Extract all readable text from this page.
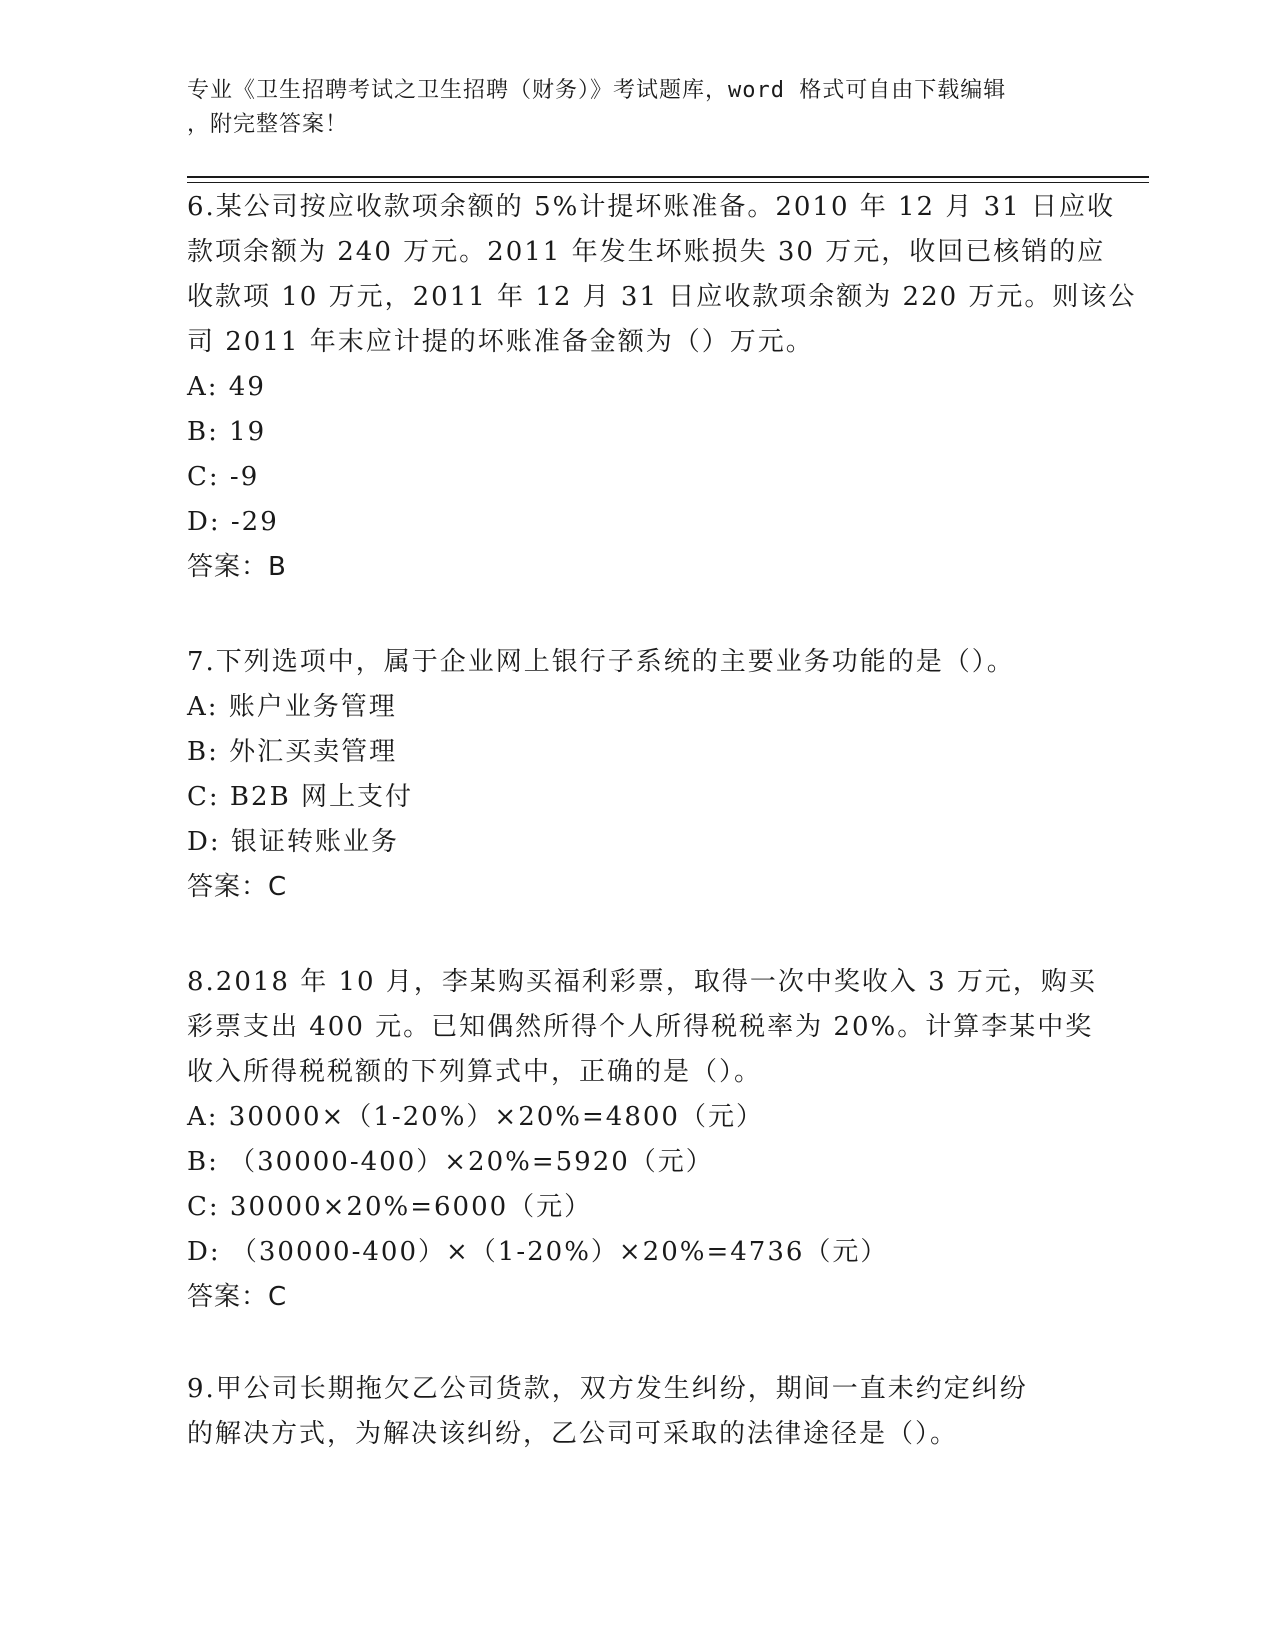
专业《卫生招聘考试之卫生招聘（财务）》考试题库，word 格式可自由下载编辑
，附完整答案！
6.某公司按应收款项余额的 5%计提坏账准备。2010 年 12 月 31 日应收
款项余额为 240 万元。2011 年发生坏账损失 30 万元，收回已核销的应
收款项 10 万元，2011 年 12 月 31 日应收款项余额为 220 万元。则该公
司 2011 年末应计提的坏账准备金额为（）万元。
A: 49
B: 19
C: -9
D: -29
答案：B
7.下列选项中，属于企业网上银行子系统的主要业务功能的是（）。
A: 账户业务管理
B: 外汇买卖管理
C: B2B 网上支付
D: 银证转账业务
答案：C
8.2018 年 10 月，李某购买福利彩票，取得一次中奖收入 3 万元，购买
彩票支出 400 元。已知偶然所得个人所得税税率为 20%。计算李某中奖
收入所得税税额的下列算式中，正确的是（）。
A: 30000×（1-20%）×20%=4800（元）
B: （30000-400）×20%=5920（元）
C: 30000×20%=6000（元）
D: （30000-400）×（1-20%）×20%=4736（元）
答案：C
9.甲公司长期拖欠乙公司货款，双方发生纠纷，期间一直未约定纠纷
的解决方式，为解决该纠纷，乙公司可采取的法律途径是（）。
